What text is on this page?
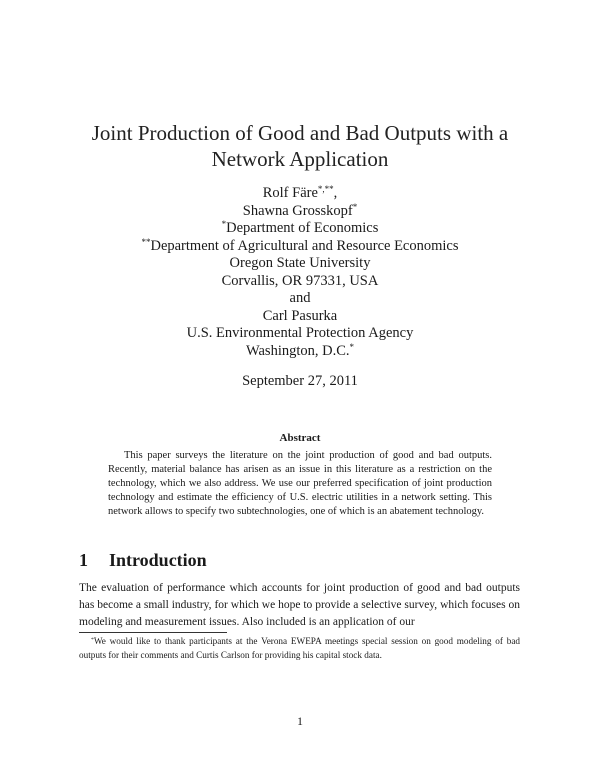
Joint Production of Good and Bad Outputs with a
Network Application
Rolf Färe*,**,
Shawna Grosskopf*
*Department of Economics
**Department of Agricultural and Resource Economics
Oregon State University
Corvallis, OR 97331, USA
and
Carl Pasurka
U.S. Environmental Protection Agency
Washington, D.C.*
September 27, 2011
Abstract
This paper surveys the literature on the joint production of good and bad outputs. Recently, material balance has arisen as an issue in this literature as a restriction on the technology, which we also address. We use our preferred specification of joint production technology and estimate the efficiency of U.S. electric utilities in a network setting. This network allows to specify two subtechnologies, one of which is an abatement technology.
1 Introduction
The evaluation of performance which accounts for joint production of good and bad outputs has become a small industry, for which we hope to provide a selective survey, which focuses on modeling and measurement issues. Also included is an application of our
*We would like to thank participants at the Verona EWEPA meetings special session on good modeling of bad outputs for their comments and Curtis Carlson for providing his capital stock data.
1
